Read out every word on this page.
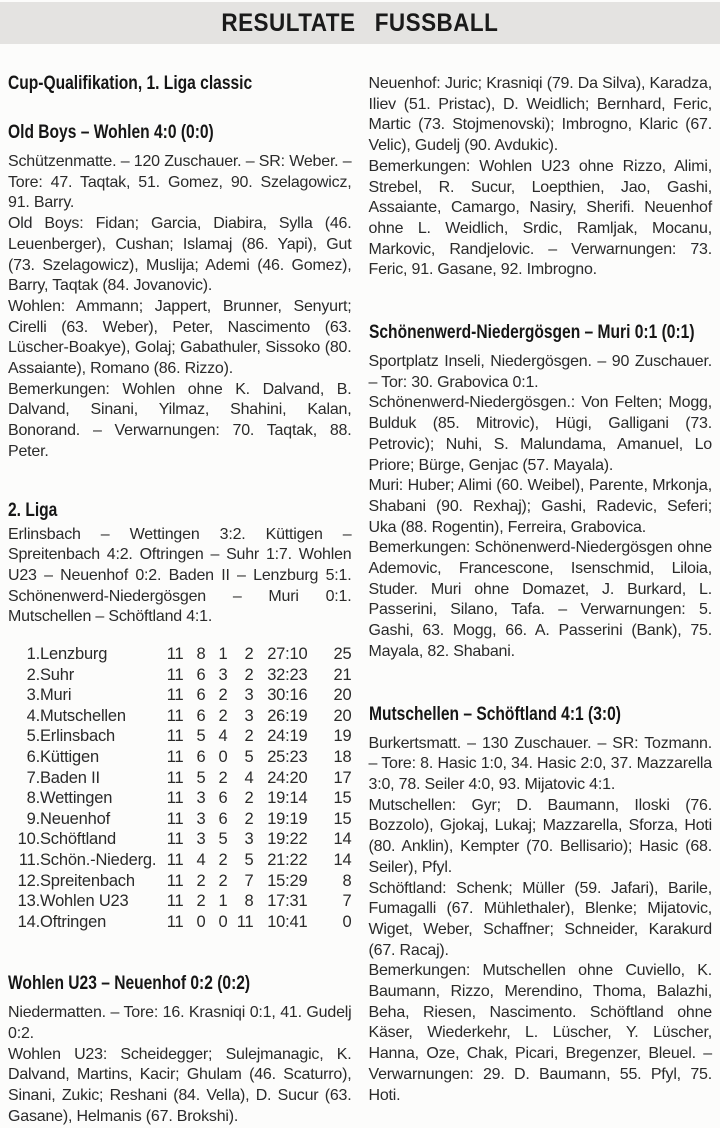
RESULTATE FUSSBALL
Cup-Qualifikation, 1. Liga classic
Old Boys – Wohlen 4:0 (0:0)

Schützenmatte. – 120 Zuschauer. – SR: Weber. – Tore: 47. Taqtak, 51. Gomez, 90. Szelagowicz, 91. Barry.

Old Boys: Fidan; Garcia, Diabira, Sylla (46. Leuenberger), Cushan; Islamaj (86. Yapi), Gut (73. Szelagowicz), Muslija; Ademi (46. Gomez), Barry, Taqtak (84. Jovanovic).

Wohlen: Ammann; Jappert, Brunner, Senyurt; Cirelli (63. Weber), Peter, Nascimento (63. Lüscher-Boakye), Golaj; Gabathuler, Sissoko (80. Assaiante), Romano (86. Rizzo).

Bemerkungen: Wohlen ohne K. Dalvand, B. Dalvand, Sinani, Yilmaz, Shahini, Kalan, Bonorand. – Verwarnungen: 70. Taqtak, 88. Peter.

2. Liga

Erlinsbach – Wettingen 3:2. Küttigen – Spreitenbach 4:2. Oftringen – Suhr 1:7. Wohlen U23 – Neuenhof 0:2. Baden II – Lenzburg 5:1. Schönenwerd-Niedergösgen – Muri 0:1. Mutschellen – Schöftland 4:1.

1.	Lenzburg	11	8	1	2	27:10	25
2.	Suhr	11	6	3	2	32:23	21
3.	Muri	11	6	2	3	30:16	20
4.	Mutschellen	11	6	2	3	26:19	20
5.	Erlinsbach	11	5	4	2	24:19	19
6.	Küttigen	11	6	0	5	25:23	18
7.	Baden II	11	5	2	4	24:20	17
8.	Wettingen	11	3	6	2	19:14	15
9.	Neuenhof	11	3	6	2	19:19	15
10.	Schöftland	11	3	5	3	19:22	14
11.	Schön.-Niederg.	11	4	2	5	21:22	14
12.	Spreitenbach	11	2	2	7	15:29	8
13.	Wohlen U23	11	2	1	8	17:31	7
14.	Oftringen	11	0	0	11	10:41	0
Wohlen U23 – Neuenhof 0:2 (0:2)

Niedermatten. – Tore: 16. Krasniqi 0:1, 41. Gudelj 0:2.

Wohlen U23: Scheidegger; Sulejmanagic, K. Dalvand, Martins, Kacir; Ghulam (46. Scaturro), Sinani, Zukic; Reshani (84. Vella), D. Sucur (63. Gasane), Helmanis (67. Brokshi).

Neuenhof: Juric; Krasniqi (79. Da Silva), Karadza, Iliev (51. Pristac), D. Weidlich; Bernhard, Feric, Martic (73. Stojmenovski); Imbrogno, Klaric (67. Velic), Gudelj (90. Avdukic).

Bemerkungen: Wohlen U23 ohne Rizzo, Alimi, Strebel, R. Sucur, Loepthien, Jao, Gashi, Assaiante, Camargo, Nasiry, Sherifi. Neuenhof ohne L. Weidlich, Srdic, Ramljak, Mocanu, Markovic, Randjelovic. – Verwarnungen: 73. Feric, 91. Gasane, 92. Imbrogno.

Schönenwerd-Niedergösgen – Muri 0:1 (0:1)

Sportplatz Inseli, Niedergösgen. – 90 Zuschauer. – Tor: 30. Grabovica 0:1.

Schönenwerd-Niedergösgen.: Von Felten; Mogg, Bulduk (85. Mitrovic), Hügi, Galligani (73. Petrovic); Nuhi, S. Malundama, Amanuel, Lo Priore; Bürge, Genjac (57. Mayala).

Muri: Huber; Alimi (60. Weibel), Parente, Mrkonja, Shabani (90. Rexhaj); Gashi, Radevic, Seferi; Uka (88. Rogentin), Ferreira, Grabovica.

Bemerkungen: Schönenwerd-Niedergösgen ohne Ademovic, Francescone, Isenschmid, Liloia, Studer. Muri ohne Domazet, J. Burkard, L. Passerini, Silano, Tafa. – Verwarnungen: 5. Gashi, 63. Mogg, 66. A. Passerini (Bank), 75. Mayala, 82. Shabani.

Mutschellen – Schöftland 4:1 (3:0)

Burkertsmatt. – 130 Zuschauer. – SR: Tozmann. – Tore: 8. Hasic 1:0, 34. Hasic 2:0, 37. Mazzarella 3:0, 78. Seiler 4:0, 93. Mijatovic 4:1.

Mutschellen: Gyr; D. Baumann, Iloski (76. Bozzolo), Gjokaj, Lukaj; Mazzarella, Sforza, Hoti (80. Anklin), Kempter (70. Bellisario); Hasic (68. Seiler), Pfyl.

Schöftland: Schenk; Müller (59. Jafari), Barile, Fumagalli (67. Mühlethaler), Blenke; Mijatovic, Wiget, Weber, Schaffner; Schneider, Karakurd (67. Racaj).

Bemerkungen: Mutschellen ohne Cuviello, K. Baumann, Rizzo, Merendino, Thoma, Balazhi, Beha, Riesen, Nascimento. Schöftland ohne Käser, Wiederkehr, L. Lüscher, Y. Lüscher, Hanna, Oze, Chak, Picari, Bregenzer, Bleuel. – Verwarnungen: 29. D. Baumann, 55. Pfyl, 75. Hoti.
